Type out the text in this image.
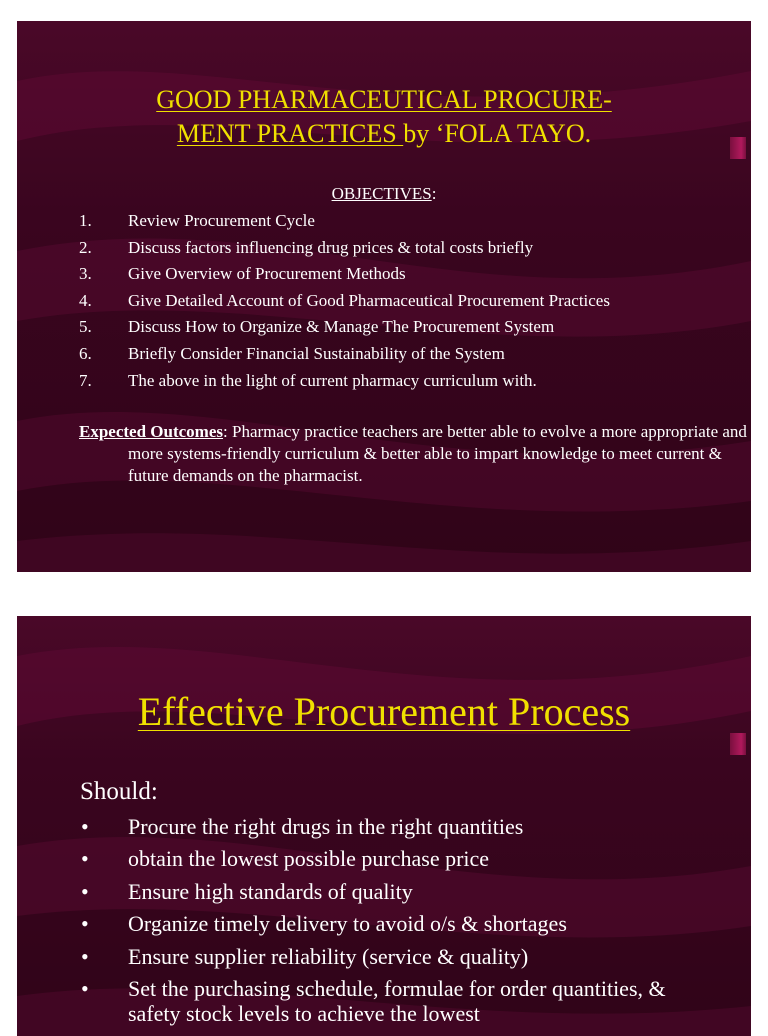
GOOD PHARMACEUTICAL PROCURE-
MENT PRACTICES by ‘FOLA TAYO.
OBJECTIVES:
1. Review Procurement Cycle
2. Discuss factors influencing drug prices & total costs briefly
3. Give Overview of Procurement Methods
4. Give Detailed Account of Good Pharmaceutical Procurement Practices
5. Discuss How to Organize & Manage The Procurement System
6. Briefly Consider Financial Sustainability of the System
7. The above in the light of current pharmacy curriculum with.
Expected Outcomes: Pharmacy practice teachers are better able to evolve a more appropriate and more systems-friendly curriculum & better able to impart knowledge to meet current & future demands on the pharmacist.
Effective Procurement Process
Should:
• Procure the right drugs in the right quantities
• obtain the lowest possible purchase price
• Ensure high standards of quality
• Organize timely delivery to avoid o/s & shortages
• Ensure supplier reliability (service & quality)
• Set the purchasing schedule, formulae for order quantities, & safety stock levels to achieve the lowest
